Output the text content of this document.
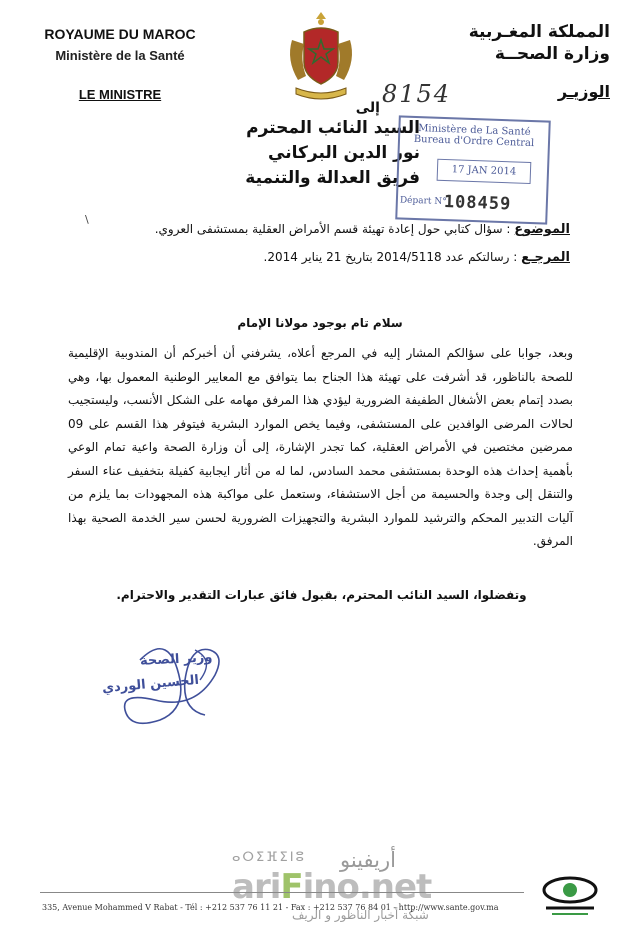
ROYAUME DU MAROC
Ministère de la Santé
LE MINISTRE
المملكة المغـربية
وزارة الصحــة
الوزيـر
8154
إلى
السيد النائب المحترم
نور الدين البركاني
فريق العدالة والتنمية
Ministère de La Santé
Bureau d'Ordre Central
17 JAN 2014
Départ N°
108459
\
الموضوع : سؤال كتابي حول إعادة تهيئة قسم الأمراض العقلية بمستشفى العروي.
المرجـع : رسالتكم عدد 2014/5118 بتاريخ 21 يناير 2014.
سلام تام بوجود مولانا الإمام
وبعد، جوابا على سؤالكم المشار إليه في المرجع أعلاه، يشرفني أن أخبركم أن المندوبية الإقليمية للصحة بالناظور، قد أشرفت على تهيئة هذا الجناح بما يتوافق مع المعايير الوطنية المعمول بها، وهي بصدد إتمام بعض الأشغال الطفيفة الضرورية ليؤدي هذا المرفق مهامه على الشكل الأنسب، وليستجيب لحالات المرضى الوافدين على المستشفى، وفيما يخص الموارد البشرية فيتوفر هذا القسم على 09 ممرضين مختصين في الأمراض العقلية، كما تجدر الإشارة، إلى أن وزارة الصحة واعية تمام الوعي بأهمية إحداث هذه الوحدة بمستشفى محمد السادس، لما له من أثار ايجابية كفيلة بتخفيف عناء السفر والتنقل إلى وجدة والحسيمة من أجل الاستشفاء، وستعمل على مواكبة هذه المجهودات بما يلزم من آليات التدبير المحكم والترشيد للموارد البشرية والتجهيزات الضرورية لحسن سير الخدمة الصحية بهذا المرفق.
وتفضلوا، السيد النائب المحترم، بقبول فائق عبارات التقدير والاحترام.
وزير الصحة
الحسين الوردي
أريفينو
ⴰⵔⵉⴼⵉⵏⵓ
ariFino.net
شبكة أخبار الناظور و الريف
335, Avenue Mohammed V Rabat - Tél : +212 537 76 11 21 - Fax : +212 537 76 84 01 - http://www.sante.gov.ma
